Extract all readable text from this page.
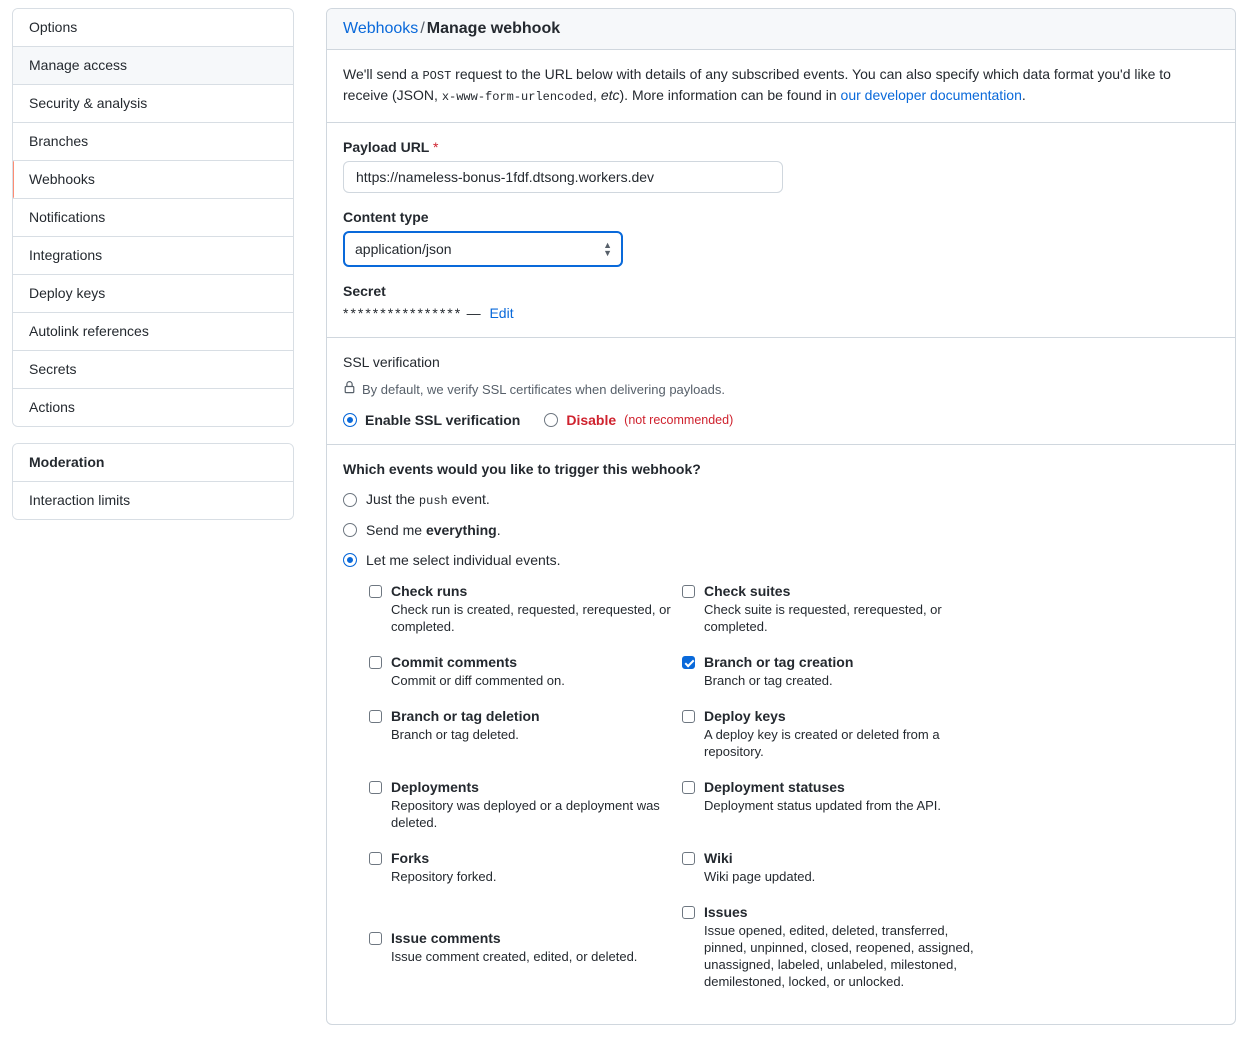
Options
Manage access
Security & analysis
Branches
Webhooks
Notifications
Integrations
Deploy keys
Autolink references
Secrets
Actions
Moderation
Interaction limits
Webhooks / Manage webhook
We'll send a POST request to the URL below with details of any subscribed events. You can also specify which data format you'd like to receive (JSON, x-www-form-urlencoded, etc). More information can be found in our developer documentation.
Payload URL *
https://nameless-bonus-1fdf.dtsong.workers.dev
Content type
application/json
▲
▼
Secret
**************** — Edit
SSL verification
By default, we verify SSL certificates when delivering payloads.
Enable SSL verification	Disable (not recommended)
Which events would you like to trigger this webhook?
Just the push event.
Send me everything.
Let me select individual events.
Check runs
Check run is created, requested, rerequested, or completed.
Check suites
Check suite is requested, rerequested, or completed.
Commit comments
Commit or diff commented on.
Branch or tag creation
Branch or tag created.
Branch or tag deletion
Branch or tag deleted.
Deploy keys
A deploy key is created or deleted from a repository.
Deployments
Repository was deployed or a deployment was deleted.
Deployment statuses
Deployment status updated from the API.
Forks
Repository forked.
Wiki
Wiki page updated.
Issue comments
Issue comment created, edited, or deleted.
Issues
Issue opened, edited, deleted, transferred, pinned, unpinned, closed, reopened, assigned, unassigned, labeled, unlabeled, milestoned, demilestoned, locked, or unlocked.
